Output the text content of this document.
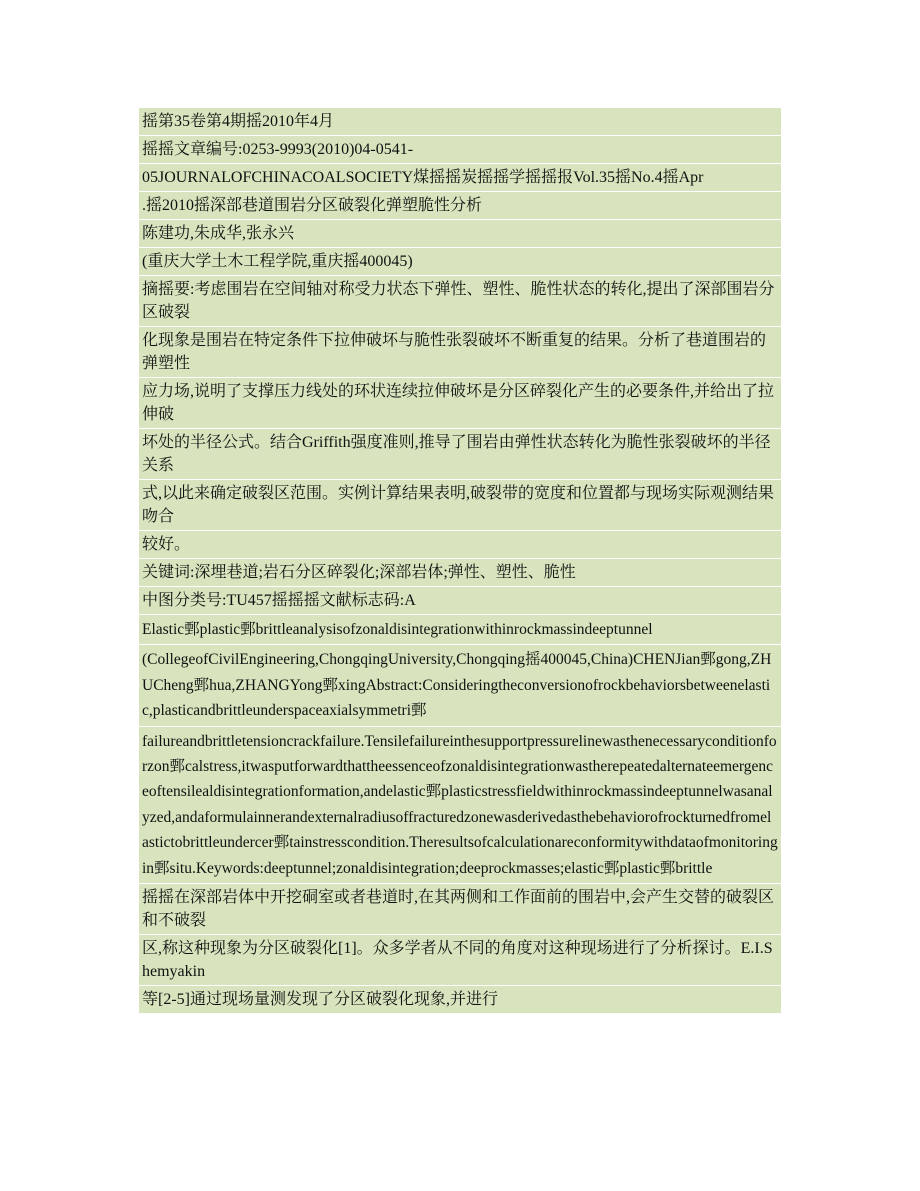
摇第35卷第4期摇2010年4月
摇摇文章编号:0253-9993(2010)04-0541-
05JOURNALOFCHINACOALSOCIETY煤摇摇炭摇摇学摇摇报Vol.35摇No.4摇Apr
.摇2010摇深部巷道围岩分区破裂化弹塑脆性分析
陈建功,朱成华,张永兴
(重庆大学土木工程学院,重庆摇400045)
摘摇要:考虑围岩在空间轴对称受力状态下弹性、塑性、脆性状态的转化,提出了深部围岩分区破裂
化现象是围岩在特定条件下拉伸破坏与脆性张裂破坏不断重复的结果。分析了巷道围岩的弹塑性
应力场,说明了支撑压力线处的环状连续拉伸破坏是分区碎裂化产生的必要条件,并给出了拉伸破
坏处的半径公式。结合Griffith强度准则,推导了围岩由弹性状态转化为脆性张裂破坏的半径关系
式,以此来确定破裂区范围。实例计算结果表明,破裂带的宽度和位置都与现场实际观测结果吻合
较好。
关键词:深埋巷道;岩石分区碎裂化;深部岩体;弹性、塑性、脆性
中图分类号:TU457摇摇摇文献标志码:A
Elastic鄄plastic鄄brittleanalysisofzonaldisintegrationwithinrockmassindeeptunnel
(CollegeofCivilEngineering,ChongqingUniversity,Chongqing摇400045,China)CHENJian鄄gong,ZHUCheng鄄hua,ZHANGYong鄄xingAbstract:Consideringtheconversionofrockbehaviorsbetweenelastic,plasticandbrittleunderspaceaxialsymmetri鄄
failureandbrittletensioncrackfailure.Tensilefailureinthesupportpressurelinewasthenecessaryconditionforzon鄄calstress,itwasputforwardthattheessenceofzonaldisintegrationwastherepeatedalternateemergenceoftensilealdisintegrationformation,andelastic鄄plasticstressfieldwithinrockmassindeeptunnelwasanalyzed,andaformulainnerandexternalradiusoffracturedzonewasderivedasthebehaviorofrockturnedfromelastictobrittleundercer鄄tainstresscondition.Theresultsofcalculationareconformitywithdataofmonitoringin鄄situ.Keywords:deeptunnel;zonaldisintegration;deeprockmasses;elastic鄄plastic鄄brittle
摇摇在深部岩体中开挖硐室或者巷道时,在其两侧和工作面前的围岩中,会产生交替的破裂区和不破裂
区,称这种现象为分区破裂化[1]。众多学者从不同的角度对这种现场进行了分析探讨。E.I.Shemyakin
等[2-5]通过现场量测发现了分区破裂化现象,并进行
